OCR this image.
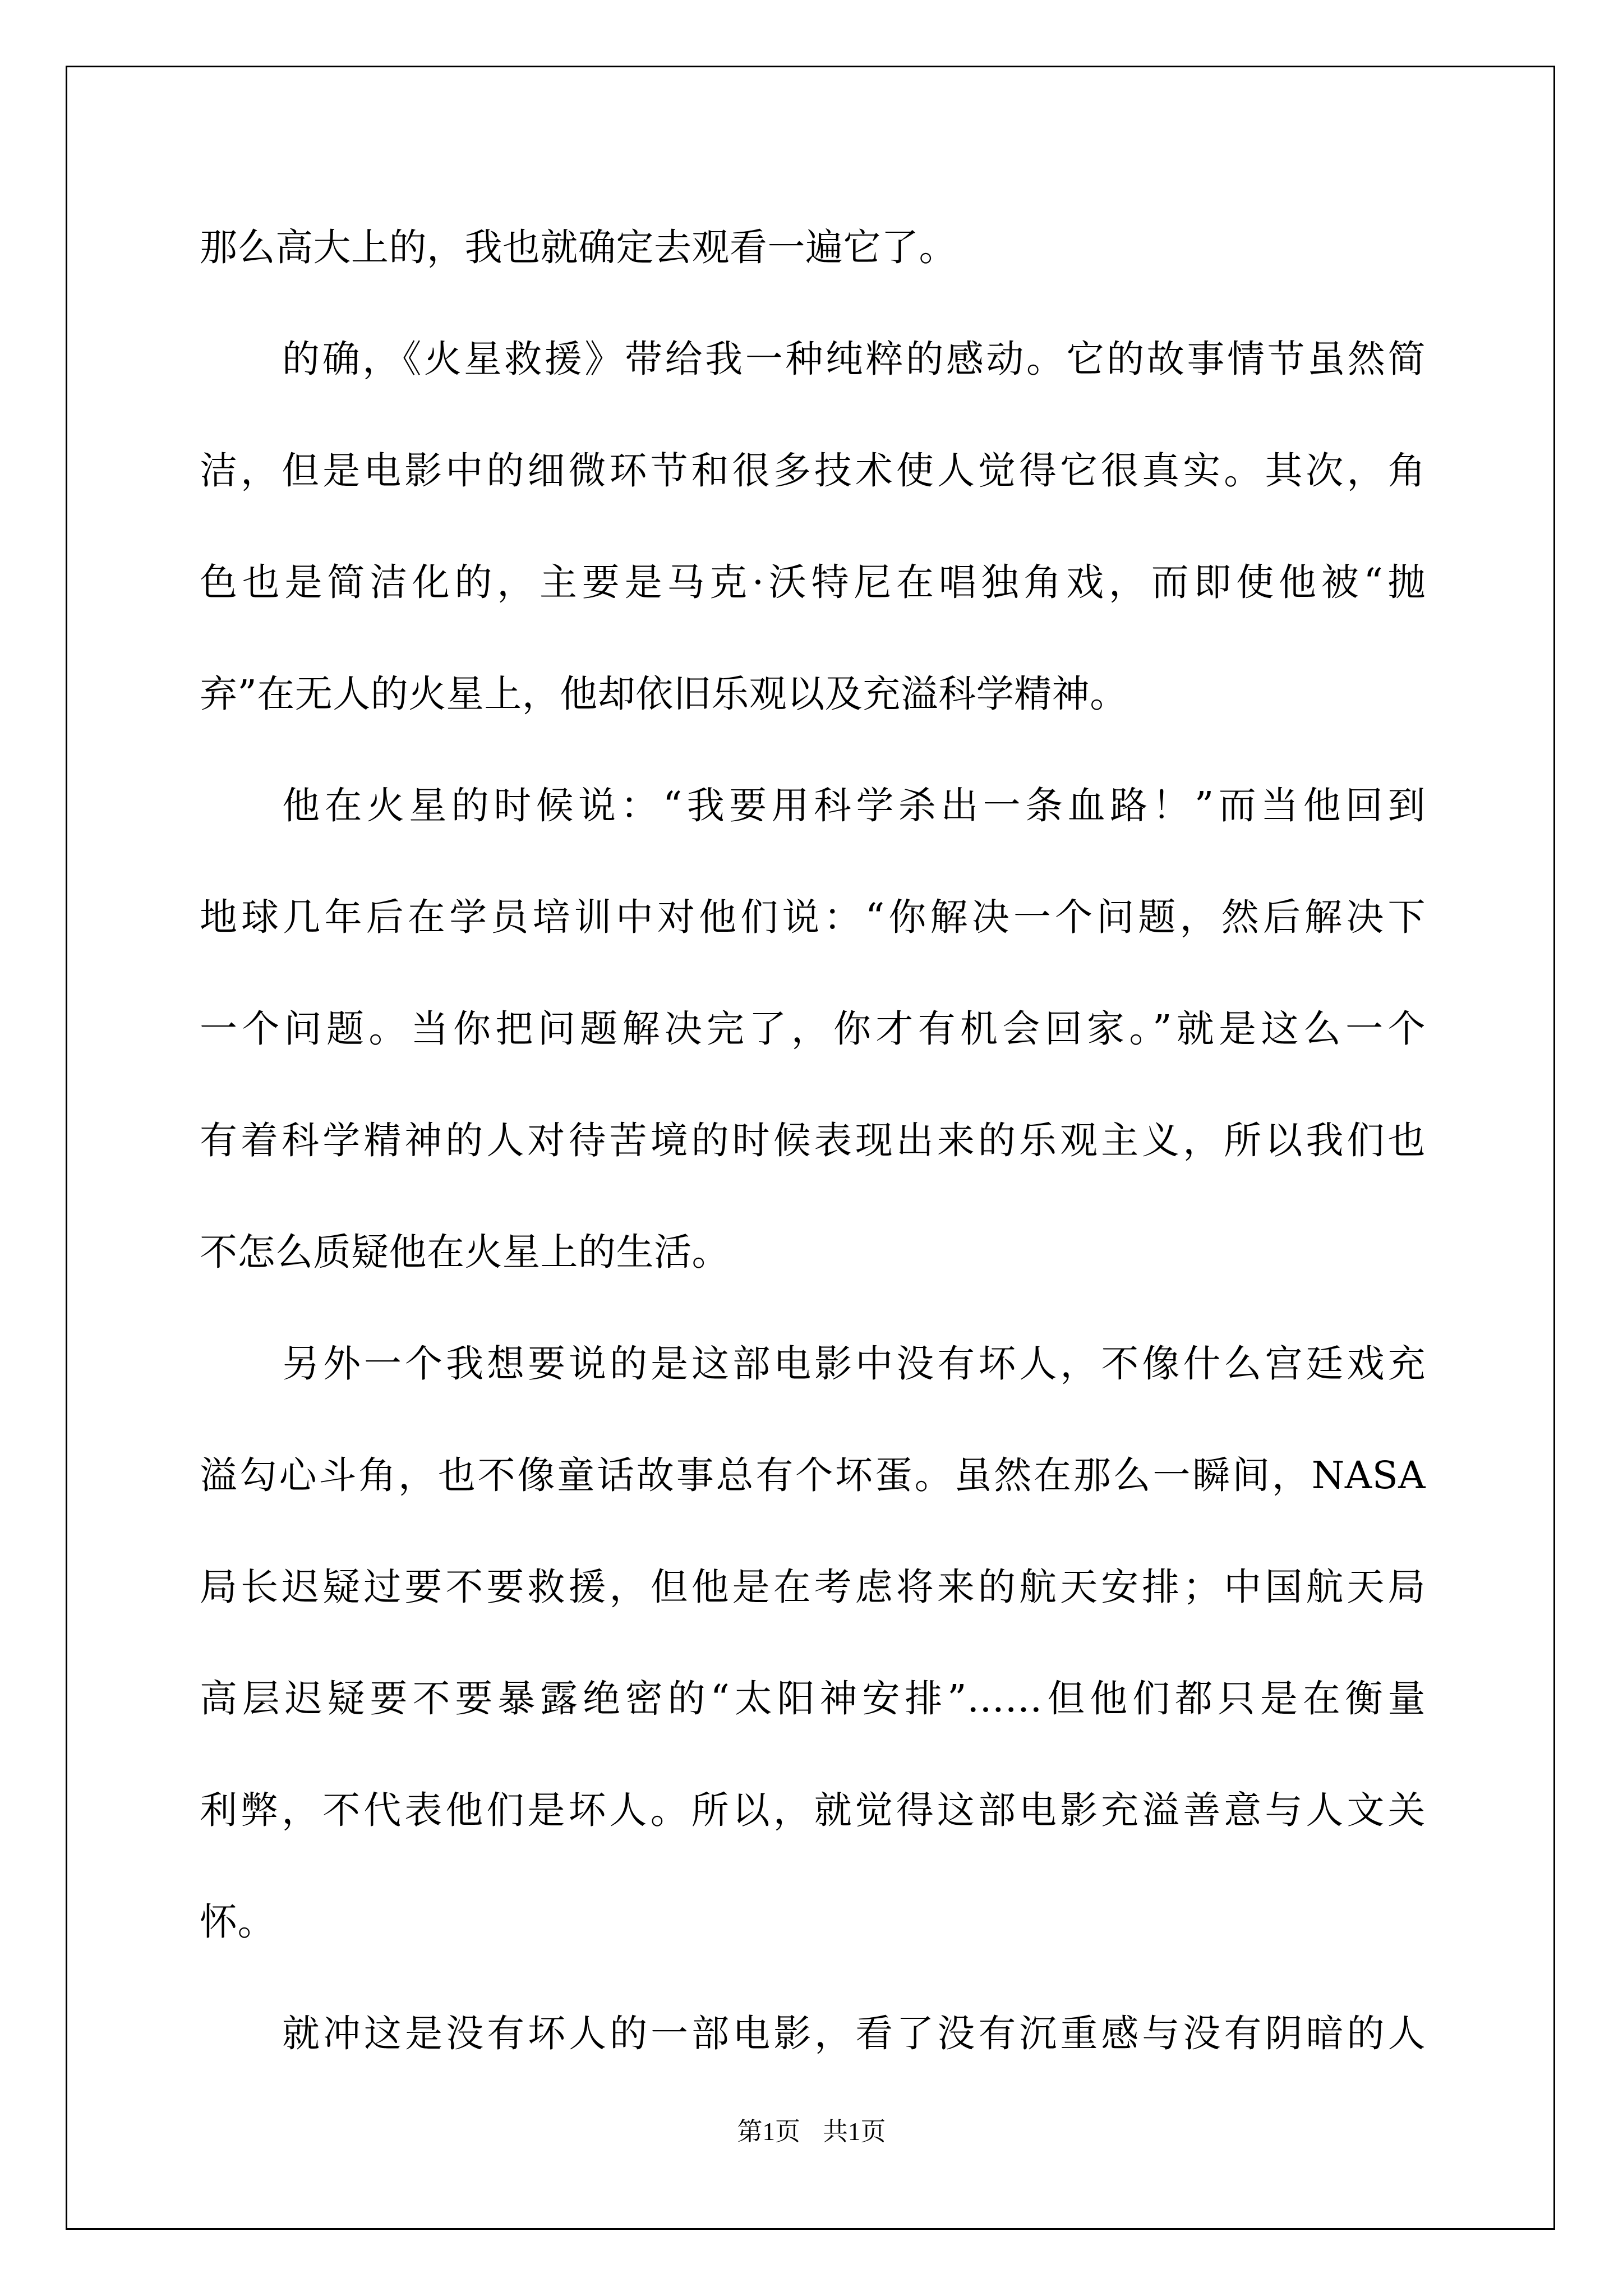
那么高大上的，我也就确定去观看一遍它了。
的确，《火星救援》带给我一种纯粹的感动。它的故事情节虽然简
洁，但是电影中的细微环节和很多技术使人觉得它很真实。其次，角
色也是简洁化的，主要是马克·沃特尼在唱独角戏，而即使他被“抛
弃”在无人的火星上，他却依旧乐观以及充溢科学精神。
他在火星的时候说：“我要用科学杀出一条血路！”而当他回到
地球几年后在学员培训中对他们说：“你解决一个问题，然后解决下
一个问题。当你把问题解决完了，你才有机会回家。”就是这么一个
有着科学精神的人对待苦境的时候表现出来的乐观主义，所以我们也
不怎么质疑他在火星上的生活。
另外一个我想要说的是这部电影中没有坏人，不像什么宫廷戏充
溢勾心斗角，也不像童话故事总有个坏蛋。虽然在那么一瞬间，NASA
局长迟疑过要不要救援，但他是在考虑将来的航天安排；中国航天局
高层迟疑要不要暴露绝密的“太阳神安排”……但他们都只是在衡量
利弊，不代表他们是坏人。所以，就觉得这部电影充溢善意与人文关
怀。
就冲这是没有坏人的一部电影，看了没有沉重感与没有阴暗的人
第1页 共1页
